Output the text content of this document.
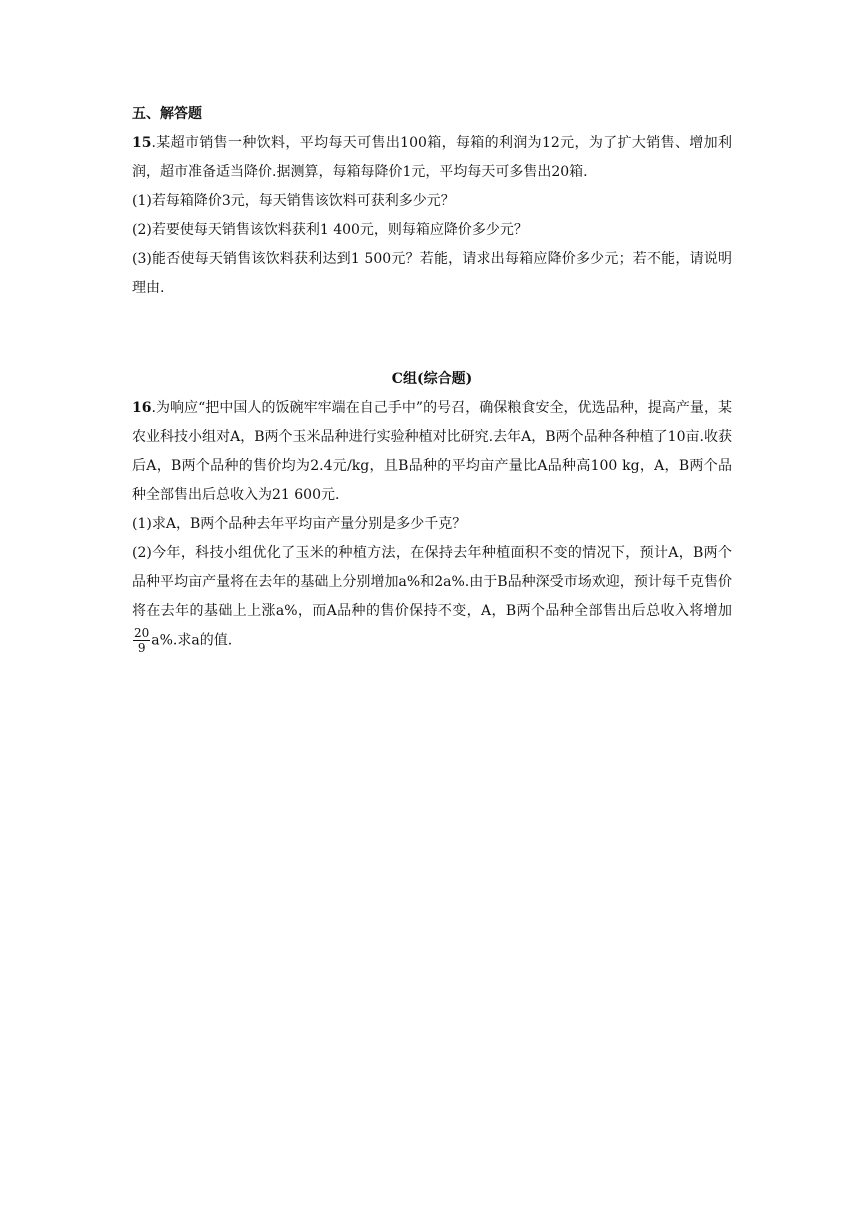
五、解答题

15.某超市销售一种饮料，平均每天可售出100箱，每箱的利润为12元，为了扩大销售、增加利润，超市准备适当降价.据测算，每箱每降价1元，平均每天可多售出20箱.

(1)若每箱降价3元，每天销售该饮料可获利多少元？

(2)若要使每天销售该饮料获利1 400元，则每箱应降价多少元？

(3)能否使每天销售该饮料获利达到1 500元？若能，请求出每箱应降价多少元；若不能，请说明理由.

C组(综合题)

16.为响应“把中国人的饭碗牢牢端在自己手中”的号召，确保粮食安全，优选品种，提高产量，某农业科技小组对A，B两个玉米品种进行实验种植对比研究.去年A，B两个品种各种植了10亩.收获后A，B两个品种的售价均为2.4元/kg，且B品种的平均亩产量比A品种高100 kg，A，B两个品种全部售出后总收入为21 600元.

(1)求A，B两个品种去年平均亩产量分别是多少千克？

(2)今年，科技小组优化了玉米的种植方法，在保持去年种植面积不变的情况下，预计A，B两个品种平均亩产量将在去年的基础上分别增加a%和2a%.由于B品种深受市场欢迎，预计每千克售价将在去年的基础上上涨a%，而A品种的售价保持不变，A，B两个品种全部售出后总收入将增加
$\frac{20}{9} a\%$.求a的值.
